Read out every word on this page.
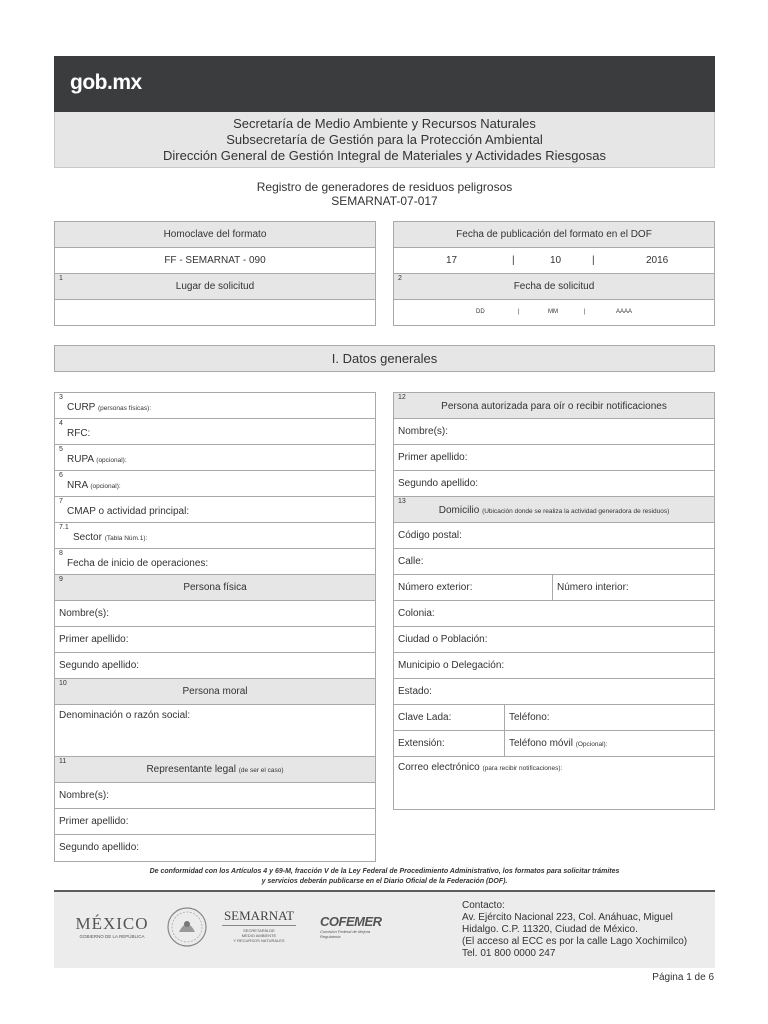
gob.mx
Secretaría de Medio Ambiente y Recursos Naturales
Subsecretaría de Gestión para la Protección Ambiental
Dirección General de Gestión Integral de Materiales y Actividades Riesgosas
Registro de generadores de residuos peligrosos
SEMARNAT-07-017
Homoclave del formato
FF - SEMARNAT - 090
1
Lugar de solicitud
Fecha de publicación del formato en el DOF
17	|	10	|	2016
2
Fecha de solicitud
DD	|	MM	|	AAAA
I. Datos generales
3
CURP (personas físicas):
4
RFC:
5
RUPA (opcional):
6
NRA (opcional):
7
CMAP o actividad principal:
7.1
Sector (Tabla Núm.1):
8
Fecha de inicio de operaciones:
9
Persona física
Nombre(s):
Primer apellido:
Segundo apellido:
10
Persona moral
Denominación o razón social:
11
Representante legal (de ser el caso)
Nombre(s):
Primer apellido:
Segundo apellido:
12
Persona autorizada para oír o recibir notificaciones
Nombre(s):
Primer apellido:
Segundo apellido:
13
Domicilio (Ubicación donde se realiza la actividad generadora de residuos)
Código postal:
Calle:
Número exterior:	Número interior:
Colonia:
Ciudad o Población:
Municipio o Delegación:
Estado:
Clave Lada:	Teléfono:
Extensión:	Teléfono móvil (Opcional):
Correo electrónico (para recibir notificaciones):
De conformidad con los Artículos 4 y 69-M, fracción V de la Ley Federal de Procedimiento Administrativo, los formatos para solicitar trámites
y servicios deberán publicarse en el Diario Oficial de la Federación (DOF).
MÉXICO
GOBIERNO DE LA REPÚBLICA
SEMARNAT
SECRETARÍA DE
MEDIO AMBIENTE
Y RECURSOS NATURALES
COFEMER
Comisión Federal de Mejora Regulatoria
Contacto:
Av. Ejército Nacional 223, Col. Anáhuac, Miguel
Hidalgo. C.P. 11320, Ciudad de México.
(El acceso al ECC es por la calle Lago Xochimilco)
Tel. 01 800 0000 247
Página 1 de 6
